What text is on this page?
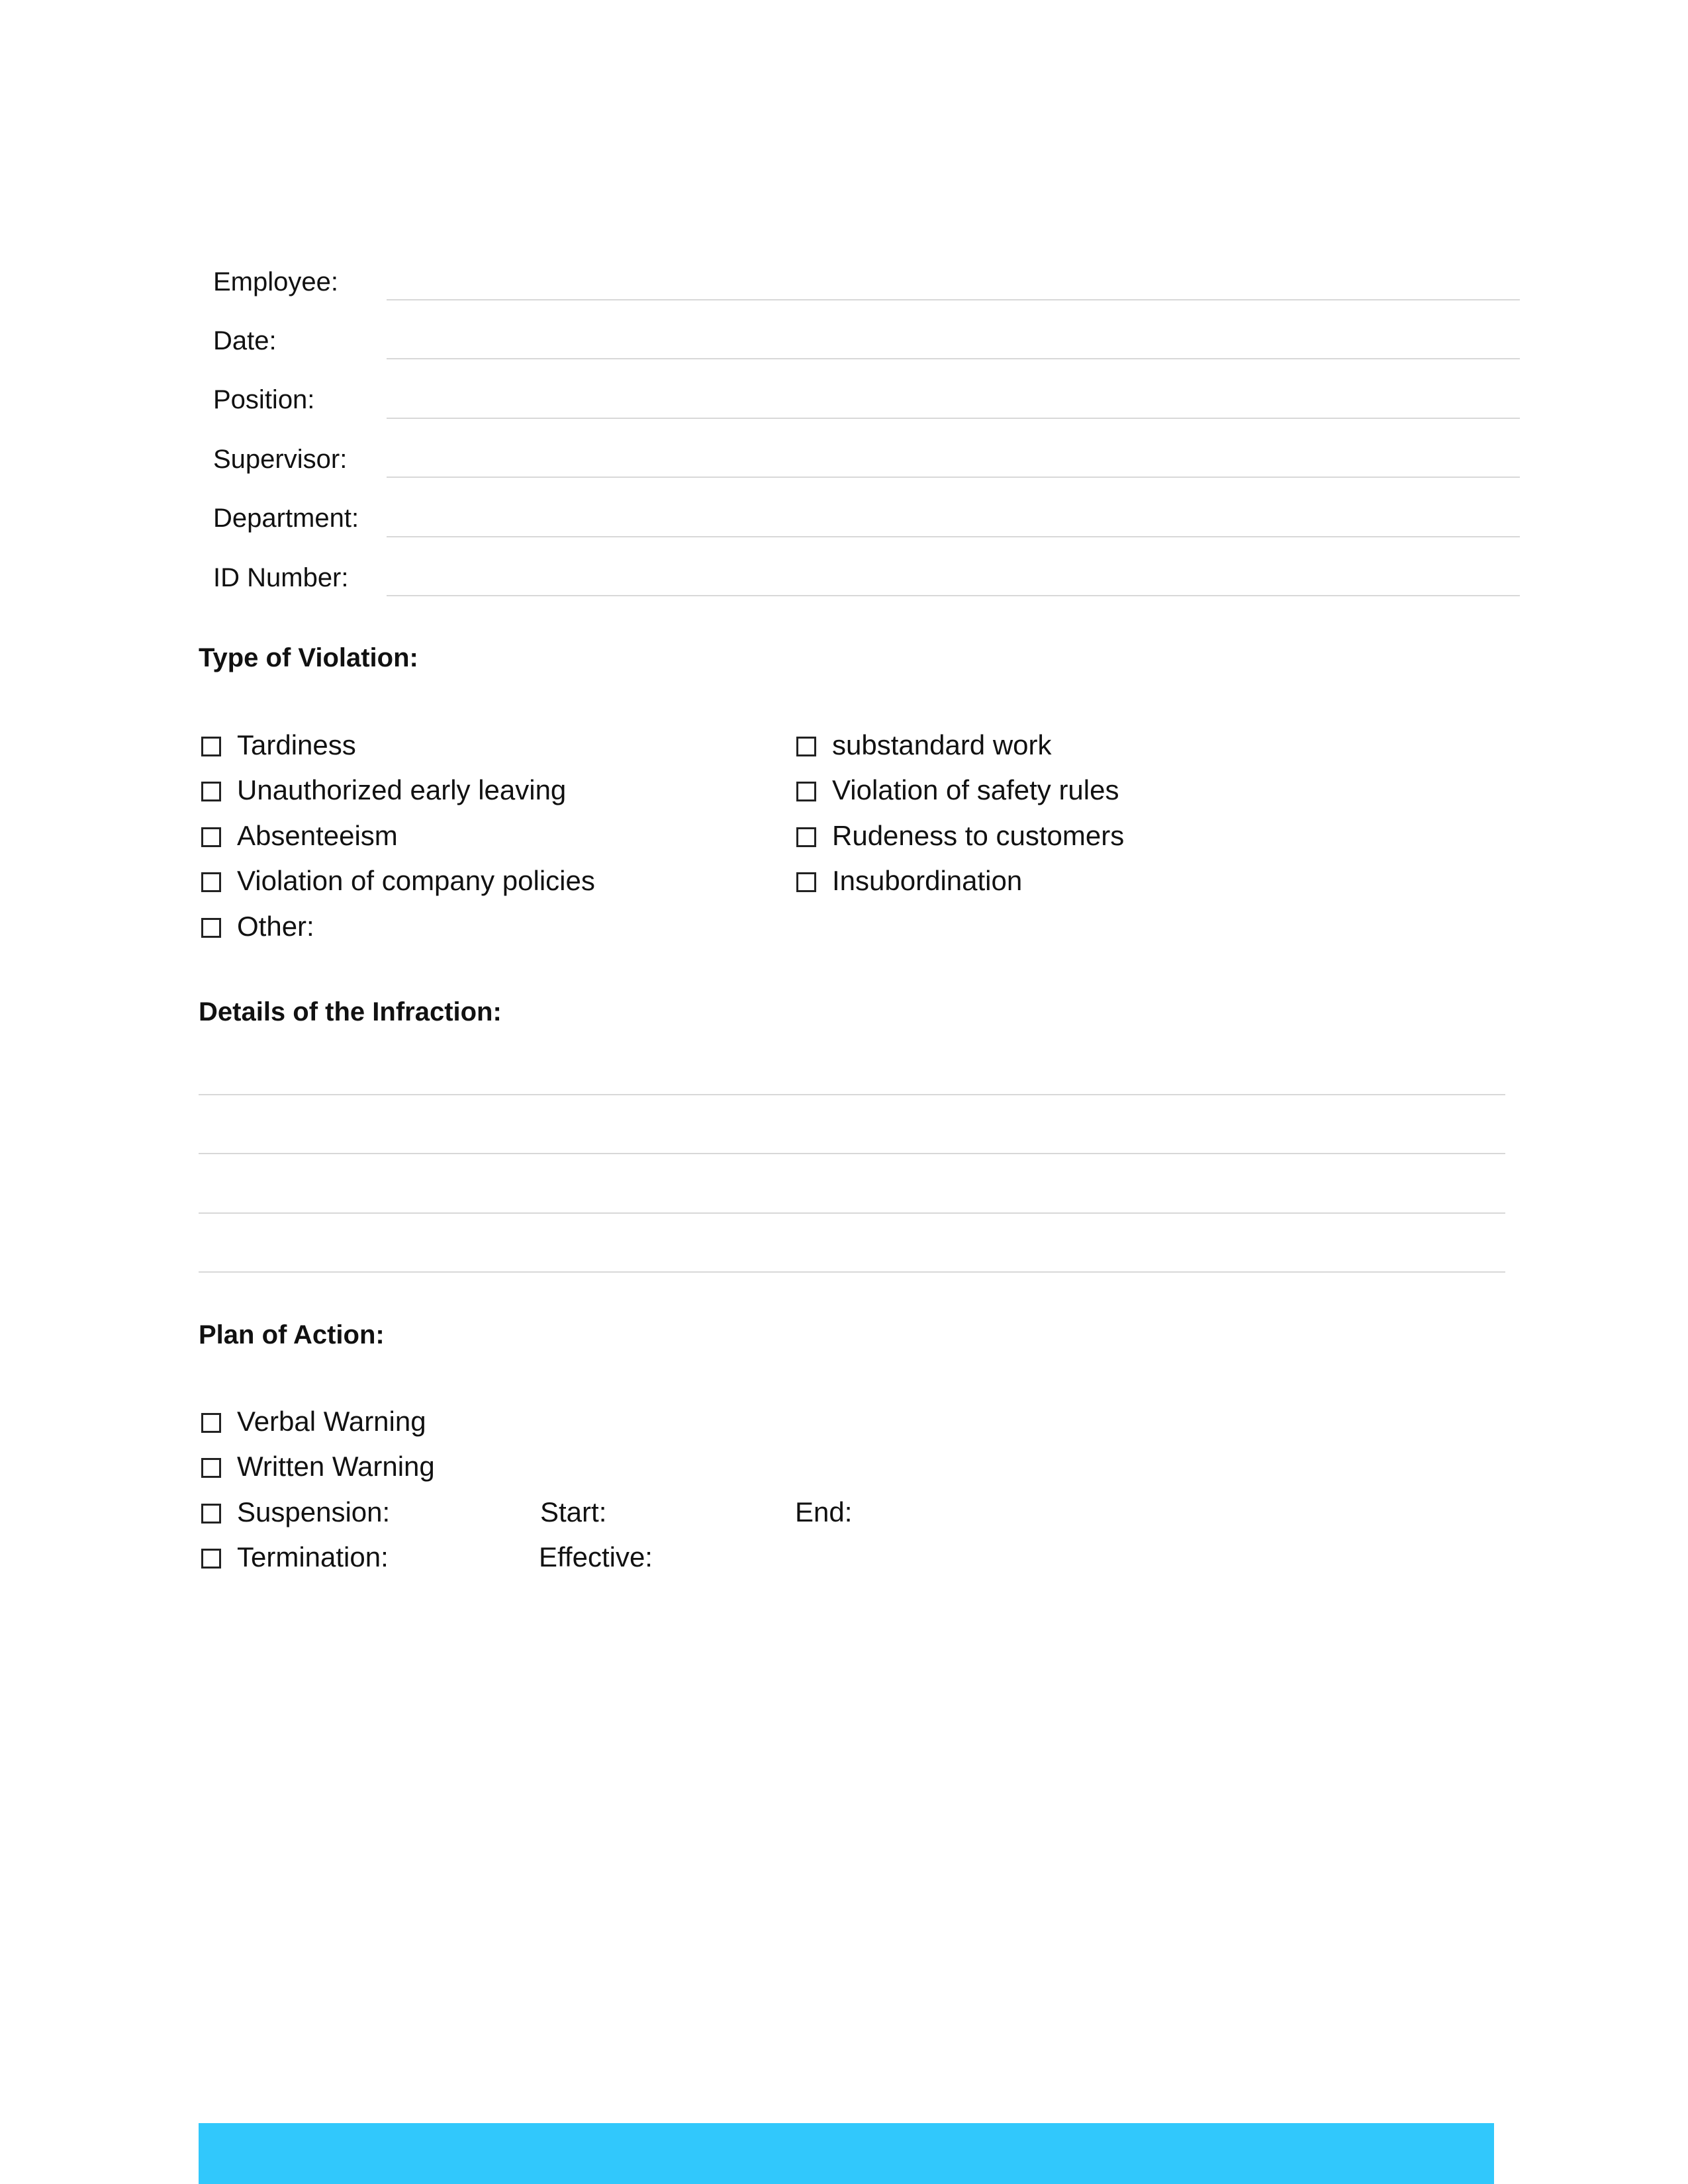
Employee:
Date:
Position:
Supervisor:
Department:
ID Number:
Type of Violation:
Tardiness
Unauthorized early leaving
Absenteeism
Violation of company policies
Other:
substandard work
Violation of safety rules
Rudeness to customers
Insubordination
Details of the Infraction:
Plan of Action:
Verbal Warning
Written Warning
Suspension:
Termination:
Start:	End:
Effective:
